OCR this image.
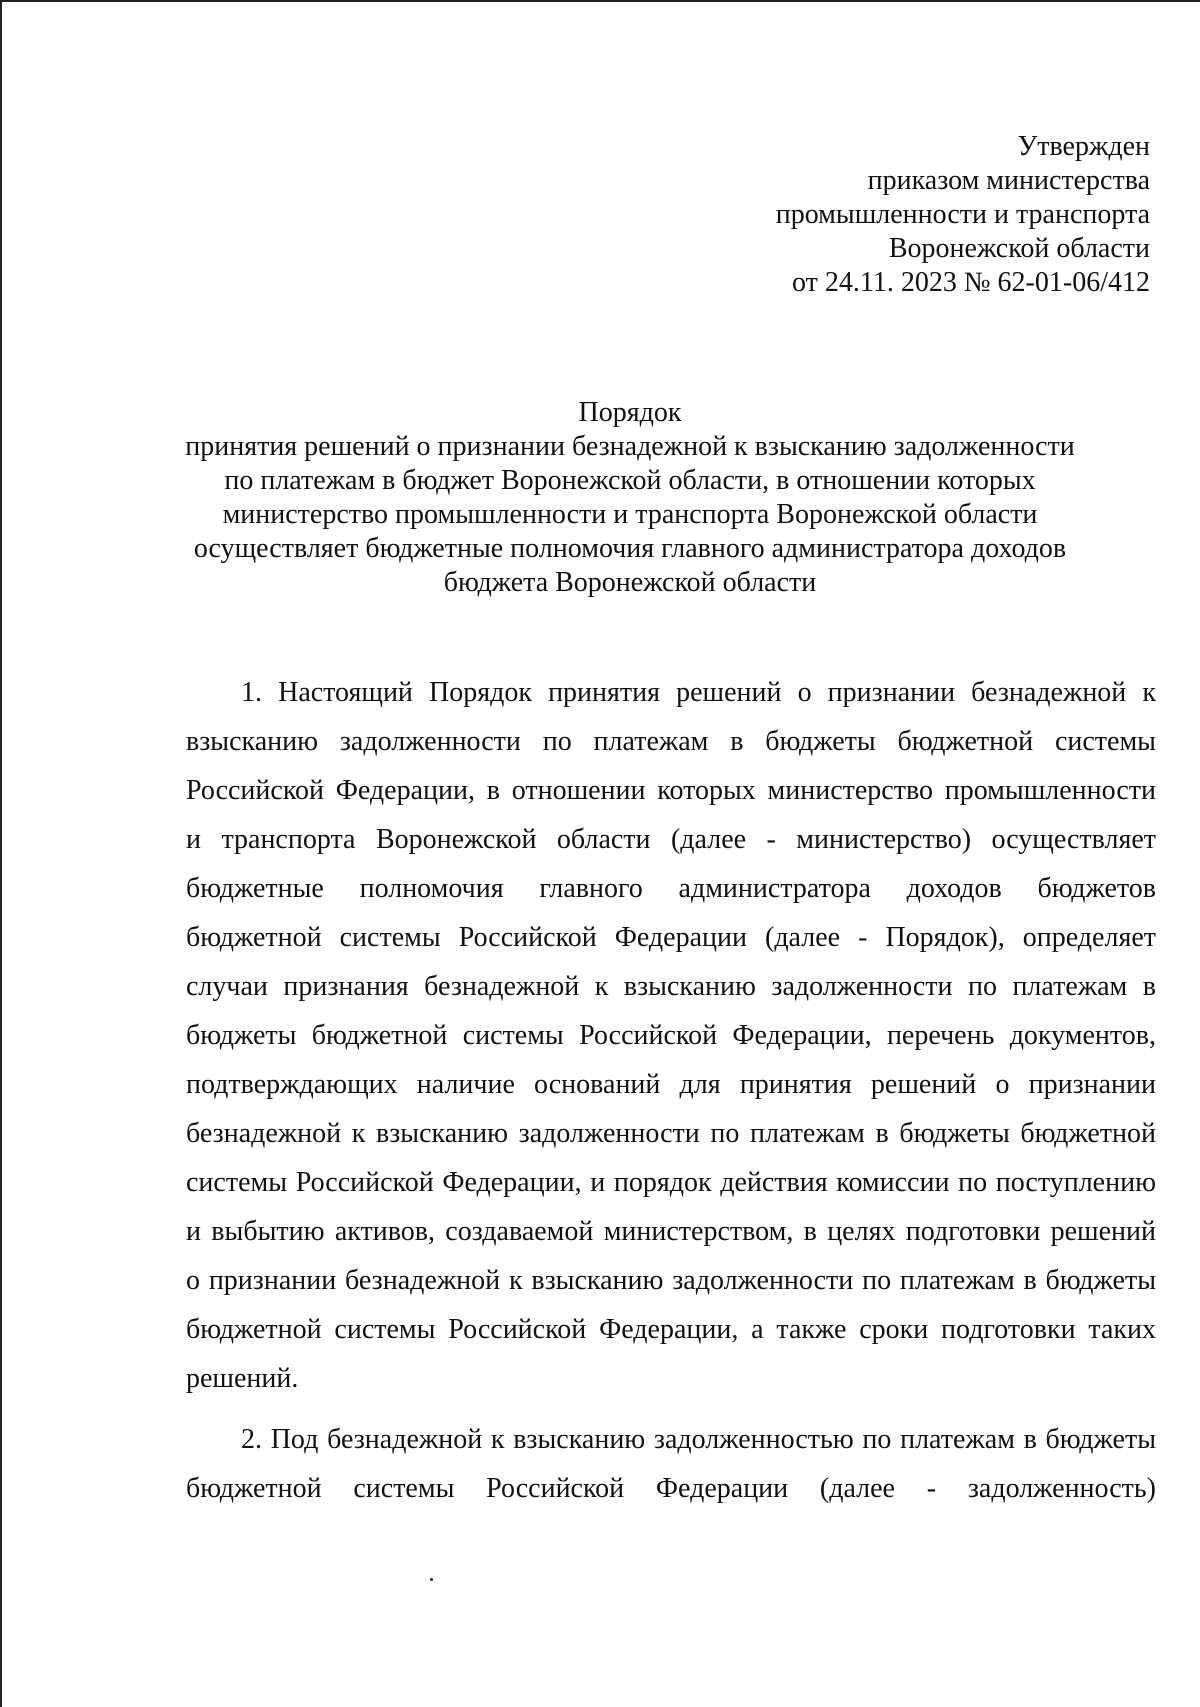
Утвержден
приказом министерства
промышленности и транспорта
Воронежской области
от 24.11. 2023 № 62-01-06/412
Порядок
принятия решений о признании безнадежной к взысканию задолженности
по платежам в бюджет Воронежской области, в отношении которых
министерство промышленности и транспорта Воронежской области
осуществляет бюджетные полномочия главного администратора доходов
бюджета Воронежской области
1. Настоящий Порядок принятия решений о признании безнадежной к
взысканию задолженности по платежам в бюджеты бюджетной системы
Российской Федерации, в отношении которых министерство промышленности
и транспорта Воронежской области (далее - министерство) осуществляет
бюджетные полномочия главного администратора доходов бюджетов
бюджетной системы Российской Федерации (далее - Порядок), определяет
случаи признания безнадежной к взысканию задолженности по платежам в
бюджеты бюджетной системы Российской Федерации, перечень документов,
подтверждающих наличие оснований для принятия решений о признании
безнадежной к взысканию задолженности по платежам в бюджеты бюджетной
системы Российской Федерации, и порядок действия комиссии по поступлению
и выбытию активов, создаваемой министерством, в целях подготовки решений
о признании безнадежной к взысканию задолженности по платежам в бюджеты
бюджетной системы Российской Федерации, а также сроки подготовки таких
решений.
2. Под безнадежной к взысканию задолженностью по платежам в бюджеты
бюджетной системы Российской Федерации (далее - задолженность)
